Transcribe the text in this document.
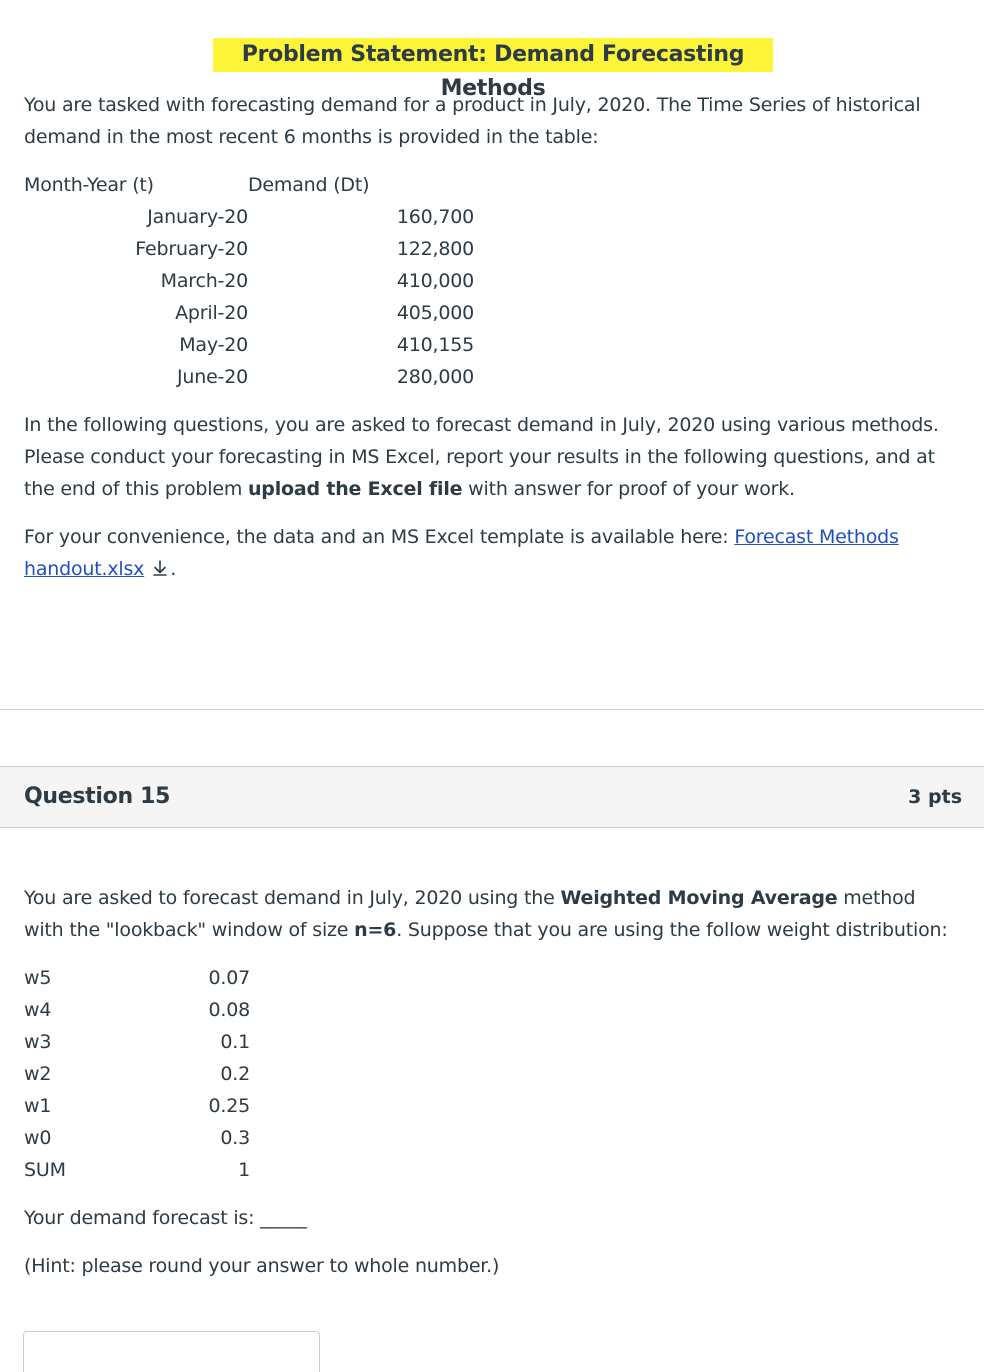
Problem Statement: Demand Forecasting Methods
You are tasked with forecasting demand for a product in July, 2020. The Time Series of historical demand in the most recent 6 months is provided in the table:
Month-Year (t)	Demand (Dt)
January-20	160,700
February-20	122,800
March-20	410,000
April-20	405,000
May-20	410,155
June-20	280,000
In the following questions, you are asked to forecast demand in July, 2020 using various methods. Please conduct your forecasting in MS Excel, report your results in the following questions, and at the end of this problem upload the Excel file with answer for proof of your work.
For your convenience, the data and an MS Excel template is available here: Forecast Methods handout.xlsx .
Question 15	3 pts
You are asked to forecast demand in July, 2020 using the Weighted Moving Average method with the "lookback" window of size n=6. Suppose that you are using the follow weight distribution:
w5	0.07
w4	0.08
w3	0.1
w2	0.2
w1	0.25
w0	0.3
SUM	1
Your demand forecast is: _____
(Hint: please round your answer to whole number.)
